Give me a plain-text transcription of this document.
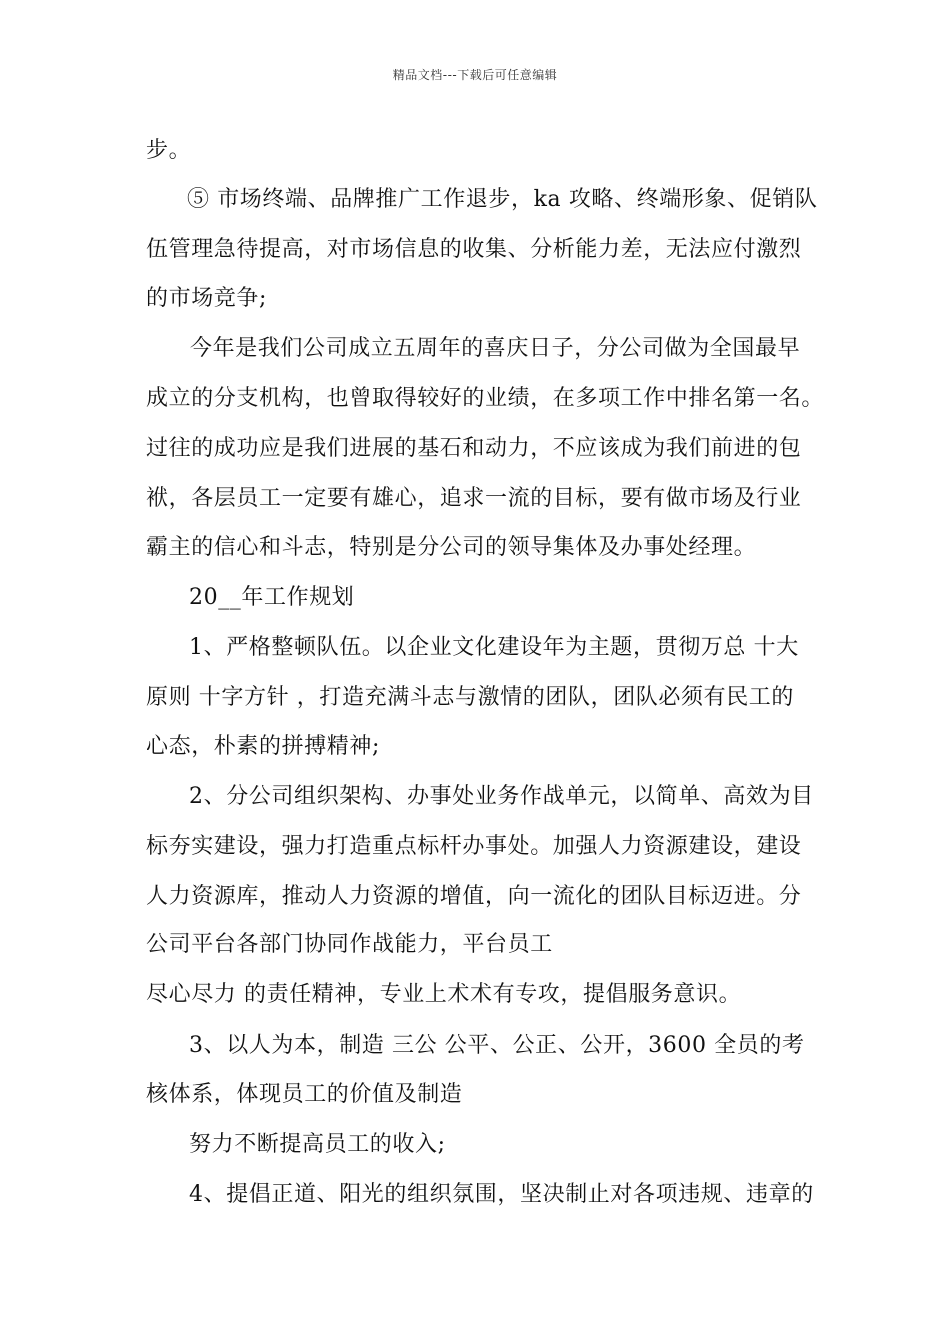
精品文档---下载后可任意编辑
步。
⑤ 市场终端、品牌推广工作退步，ka 攻略、终端形象、促销队
伍管理急待提高，对市场信息的收集、分析能力差，无法应付激烈
的市场竞争;
今年是我们公司成立五周年的喜庆日子，分公司做为全国最早
成立的分支机构，也曾取得较好的业绩，在多项工作中排名第一名。
过往的成功应是我们进展的基石和动力，不应该成为我们前进的包
袱，各层员工一定要有雄心，追求一流的目标，要有做市场及行业
霸主的信心和斗志，特别是分公司的领导集体及办事处经理。
20__年工作规划
1、严格整顿队伍。以企业文化建设年为主题，贯彻万总 十大
原则 十字方针 ，打造充满斗志与激情的团队，团队必须有民工的
心态，朴素的拼搏精神;
2、分公司组织架构、办事处业务作战单元，以简单、高效为目
标夯实建设，强力打造重点标杆办事处。加强人力资源建设，建设
人力资源库，推动人力资源的增值，向一流化的团队目标迈进。分
公司平台各部门协同作战能力，平台员工
尽心尽力 的责任精神，专业上术术有专攻，提倡服务意识。
3、以人为本，制造 三公 公平、公正、公开，3600 全员的考
核体系，体现员工的价值及制造
努力不断提高员工的收入;
4、提倡正道、阳光的组织氛围，坚决制止对各项违规、违章的
